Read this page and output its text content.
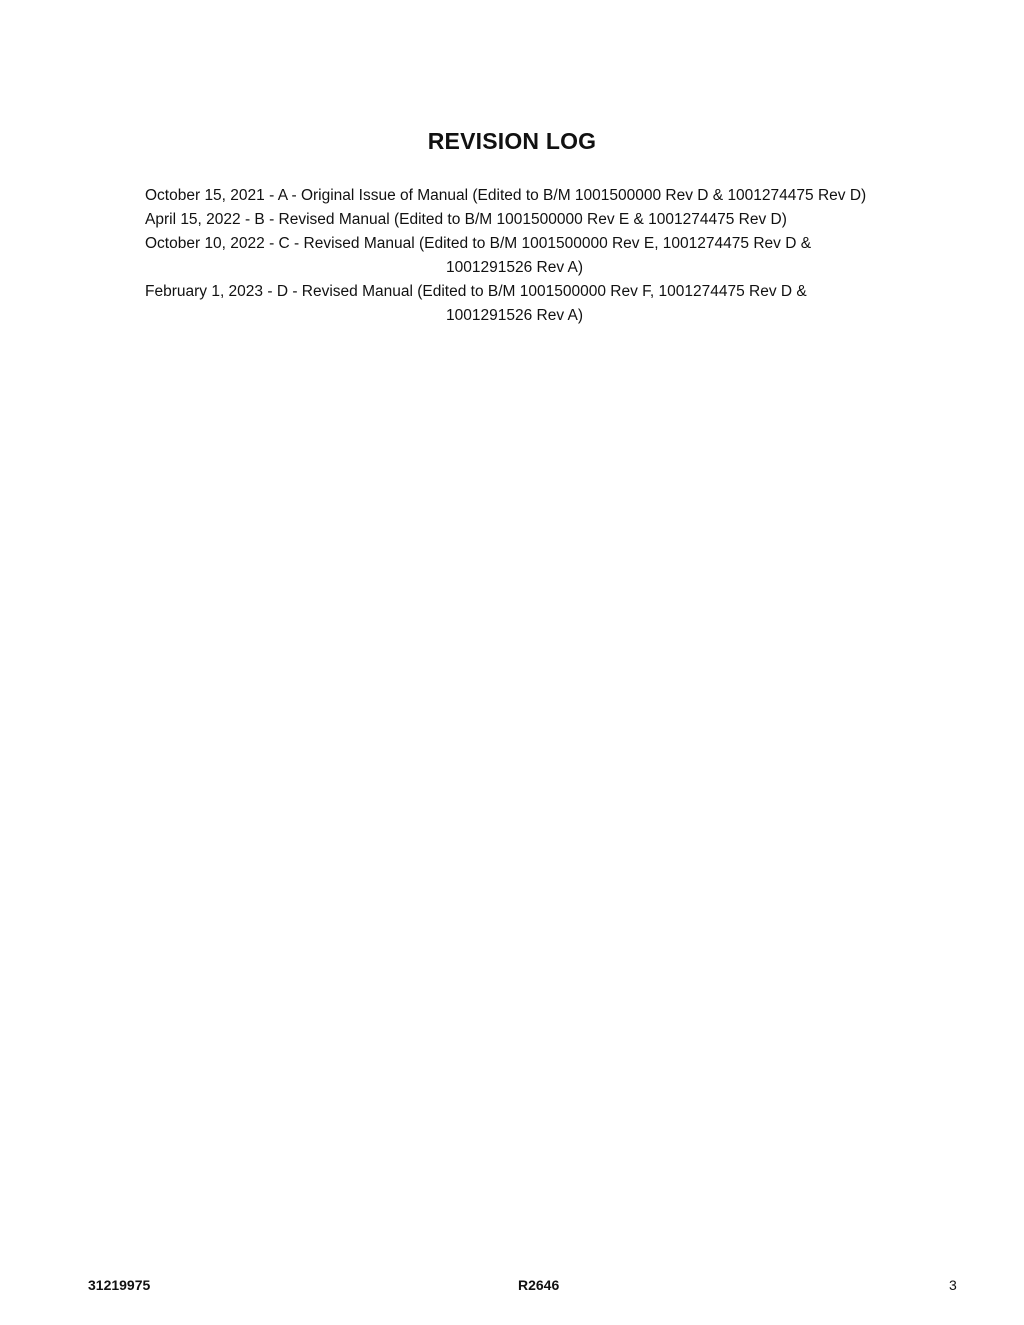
REVISION LOG
October 15, 2021 - A - Original Issue of Manual (Edited to B/M 1001500000 Rev D & 1001274475 Rev D)
April 15, 2022 - B - Revised Manual (Edited to B/M 1001500000 Rev E & 1001274475 Rev D)
October 10, 2022 - C - Revised Manual (Edited to B/M 1001500000 Rev E, 1001274475 Rev D &
1001291526 Rev A)
February 1, 2023 - D - Revised Manual (Edited to B/M 1001500000 Rev F, 1001274475 Rev D &
1001291526 Rev A)
31219975	R2646	3
